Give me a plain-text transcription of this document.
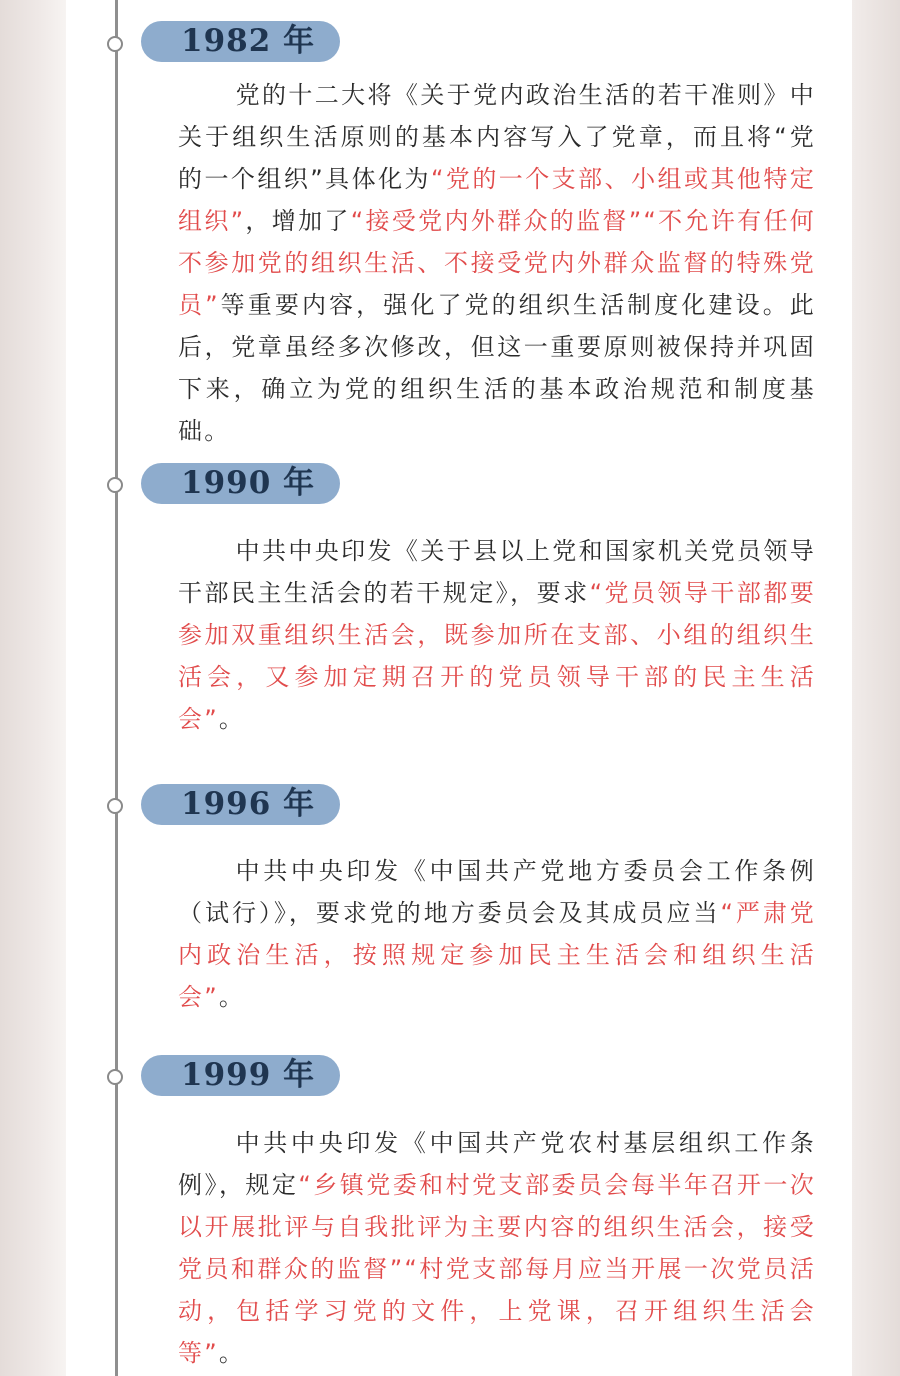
1982 年

党的十二大将《关于党内政治生活的若干准则》中关于组织生活原则的基本内容写入了党章，而且将“党的一个组织”具体化为“党的一个支部、小组或其他特定组织”，增加了“接受党内外群众的监督”“不允许有任何不参加党的组织生活、不接受党内外群众监督的特殊党员”等重要内容，强化了党的组织生活制度化建设。此后，党章虽经多次修改，但这一重要原则被保持并巩固下来，确立为党的组织生活的基本政治规范和制度基础。

1990 年

中共中央印发《关于县以上党和国家机关党员领导干部民主生活会的若干规定》，要求“党员领导干部都要参加双重组织生活会，既参加所在支部、小组的组织生活会，又参加定期召开的党员领导干部的民主生活会”。

1996 年

中共中央印发《中国共产党地方委员会工作条例（试行）》，要求党的地方委员会及其成员应当“严肃党内政治生活，按照规定参加民主生活会和组织生活会”。

1999 年

中共中央印发《中国共产党农村基层组织工作条例》，规定“乡镇党委和村党支部委员会每半年召开一次以开展批评与自我批评为主要内容的组织生活会，接受党员和群众的监督”“村党支部每月应当开展一次党员活动，包括学习党的文件，上党课，召开组织生活会等”。
